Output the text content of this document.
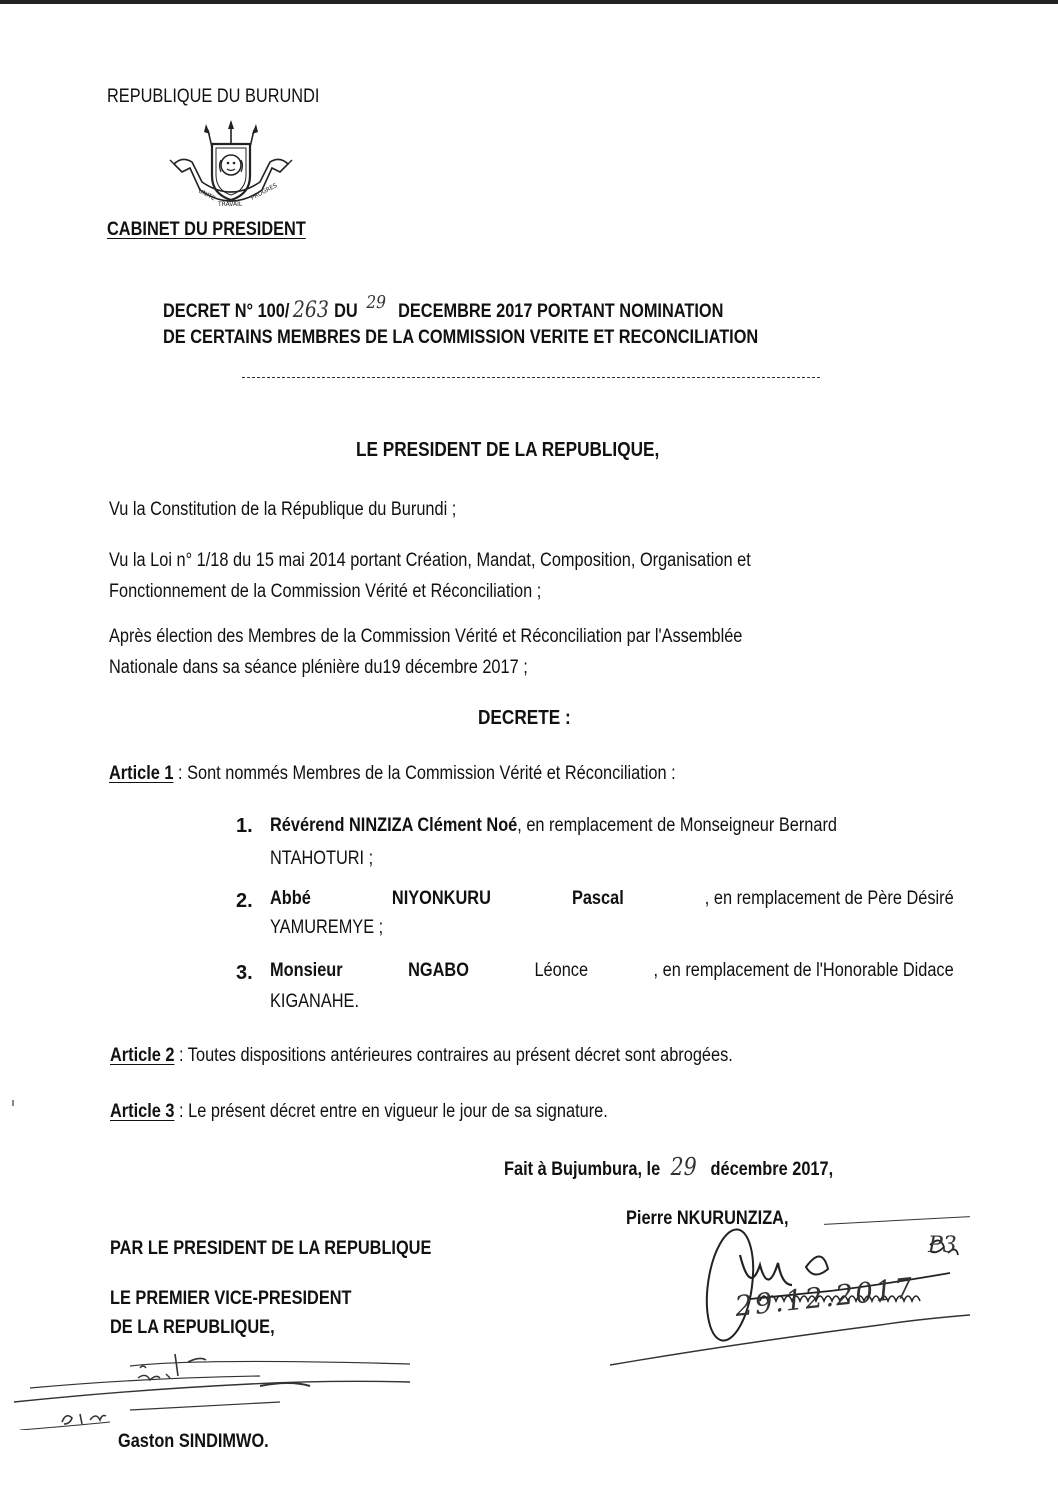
REPUBLIQUE DU BURUNDI
UNITE
TRAVAIL
PROGRES
CABINET DU PRESIDENT
DECRET N° 100/ 263 DU 29 DECEMBRE 2017 PORTANT NOMINATION
DE CERTAINS MEMBRES DE LA COMMISSION VERITE ET RECONCILIATION
LE PRESIDENT DE LA REPUBLIQUE,
Vu la Constitution de la République du Burundi ;
Vu la Loi n° 1/18 du 15 mai 2014 portant Création, Mandat, Composition, Organisation et
Fonctionnement de la Commission Vérité et Réconciliation ;
Après élection des Membres de la Commission Vérité et Réconciliation par l'Assemblée
Nationale dans sa séance plénière du19 décembre 2017 ;
DECRETE :
Article 1 : Sont nommés Membres de la Commission Vérité et Réconciliation :
1. Révérend NINZIZA Clément Noé, en remplacement de Monseigneur Bernard
NTAHOTURI ;
2. Abbé	NIYONKURU	Pascal	, en remplacement de Père Désiré
YAMUREMYE ;
3. Monsieur	NGABO	Léonce	, en remplacement de l'Honorable Didace
KIGANAHE.
Article 2 : Toutes dispositions antérieures contraires au présent décret sont abrogées.
Article 3 : Le présent décret entre en vigueur le jour de sa signature.
Fait à Bujumbura, le 29 décembre 2017,
Pierre NKURUNZIZA,
29.12.2017
P3
PAR LE PRESIDENT DE LA REPUBLIQUE
LE PREMIER VICE-PRESIDENT
DE LA REPUBLIQUE,
Gaston SINDIMWO.
